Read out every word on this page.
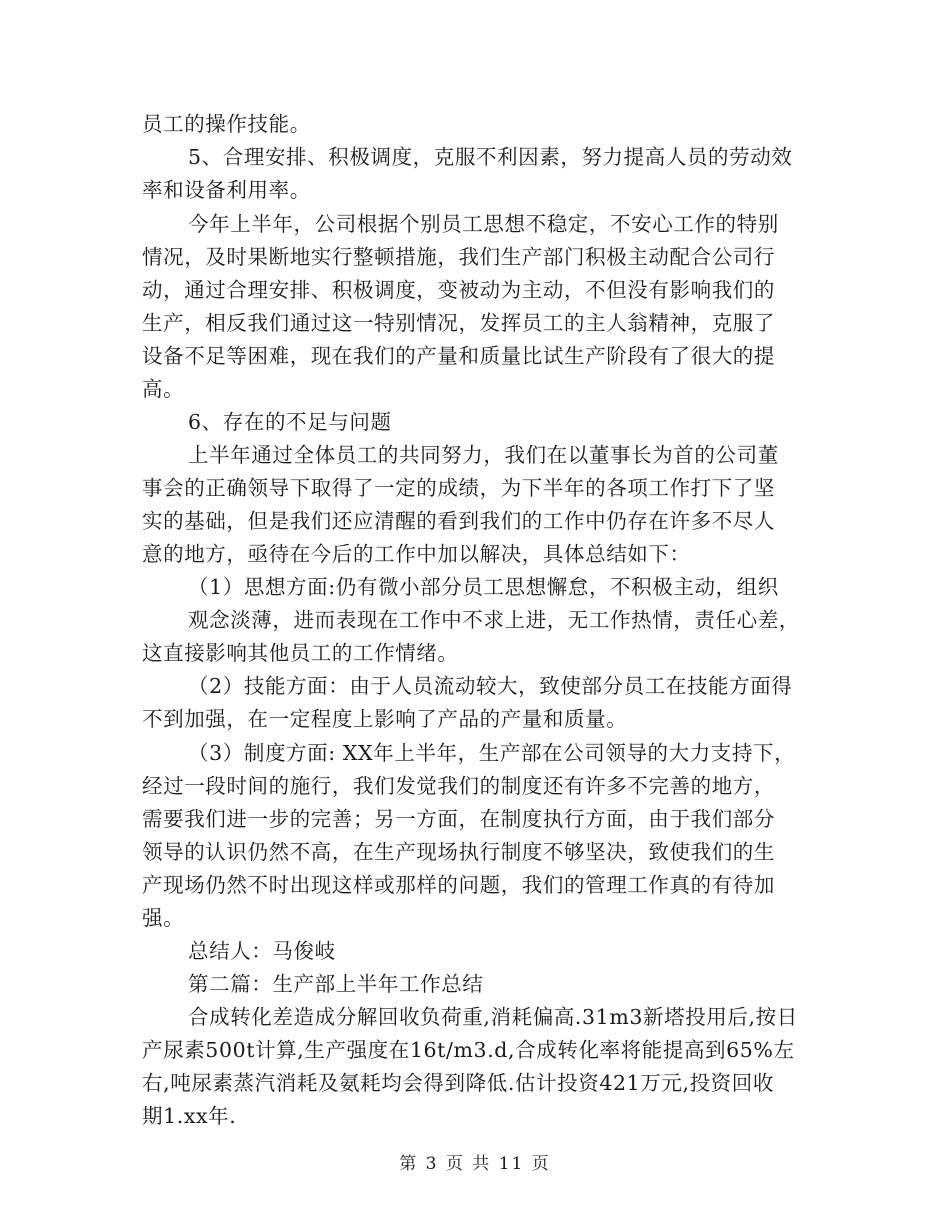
员工的操作技能。
5、合理安排、积极调度，克服不利因素，努力提高人员的劳动效
率和设备利用率。
今年上半年，公司根据个别员工思想不稳定，不安心工作的特别
情况，及时果断地实行整顿措施，我们生产部门积极主动配合公司行
动，通过合理安排、积极调度，变被动为主动，不但没有影响我们的
生产，相反我们通过这一特别情况，发挥员工的主人翁精神，克服了
设备不足等困难，现在我们的产量和质量比试生产阶段有了很大的提
高。
6、存在的不足与问题
上半年通过全体员工的共同努力，我们在以董事长为首的公司董
事会的正确领导下取得了一定的成绩，为下半年的各项工作打下了坚
实的基础，但是我们还应清醒的看到我们的工作中仍存在许多不尽人
意的地方，亟待在今后的工作中加以解决，具体总结如下：
（1）思想方面:仍有微小部分员工思想懈怠，不积极主动，组织
观念淡薄，进而表现在工作中不求上进，无工作热情，责任心差，
这直接影响其他员工的工作情绪。
（2）技能方面：由于人员流动较大，致使部分员工在技能方面得
不到加强，在一定程度上影响了产品的产量和质量。
（3）制度方面: XX年上半年，生产部在公司领导的大力支持下，
经过一段时间的施行，我们发觉我们的制度还有许多不完善的地方，
需要我们进一步的完善；另一方面，在制度执行方面，由于我们部分
领导的认识仍然不高，在生产现场执行制度不够坚决，致使我们的生
产现场仍然不时出现这样或那样的问题，我们的管理工作真的有待加
强。
总结人：马俊岐
第二篇：生产部上半年工作总结
合成转化差造成分解回收负荷重,消耗偏高.31m3新塔投用后,按日
产尿素500t计算,生产强度在16t/m3.d,合成转化率将能提高到65%左
右,吨尿素蒸汽消耗及氨耗均会得到降低.估计投资421万元,投资回收
期1.xx年.
第 3 页 共 11 页
